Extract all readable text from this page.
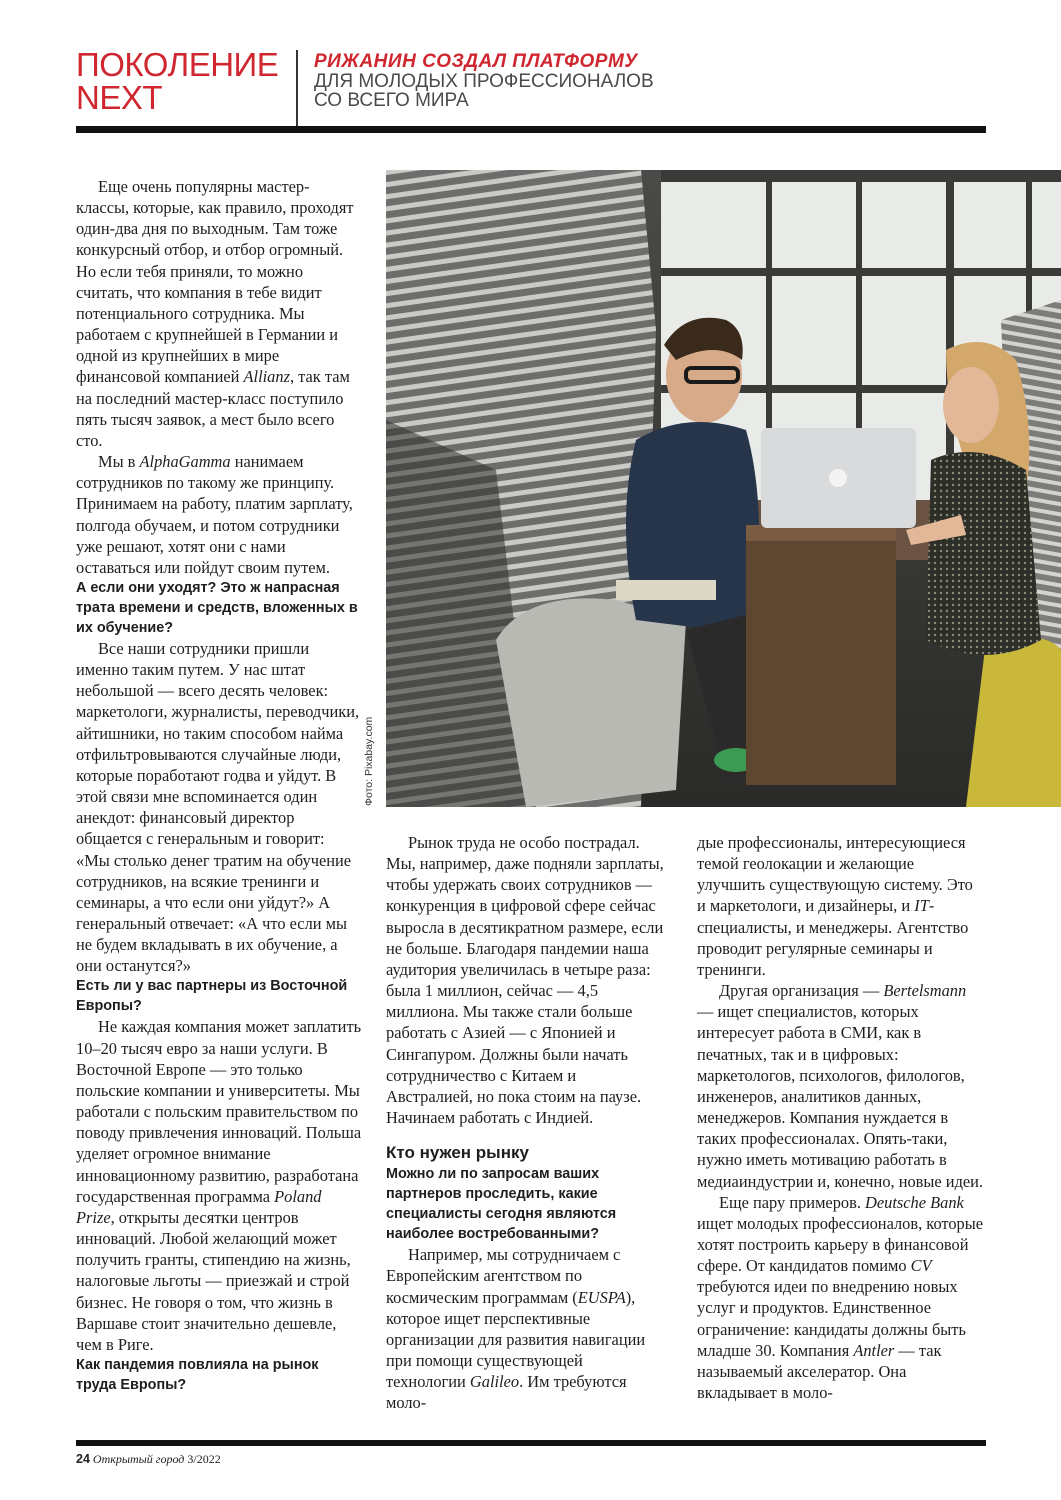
ПОКОЛЕНИЕ
NEXT
РИЖАНИН СОЗДАЛ ПЛАТФОРМУ
ДЛЯ МОЛОДЫХ ПРОФЕССИОНАЛОВ
СО ВСЕГО МИРА

Еще очень популярны мастер-классы, которые, как правило, проходят один-два дня по выходным. Там тоже конкурсный отбор, и отбор огромный. Но если тебя приняли, то можно считать, что компания в тебе видит потенциального сотрудника. Мы работаем с крупнейшей в Германии и одной из крупнейших в мире финансовой компанией Allianz, так там на последний мастер-класс поступило пять тысяч заявок, а мест было всего сто.

Мы в AlphaGamma нанимаем сотрудников по такому же принципу. Принимаем на работу, платим зарплату, полгода обучаем, и потом сотрудники уже решают, хотят они с нами оставаться или пойдут своим путем.

А если они уходят? Это ж напрасная трата времени и средств, вложенных в их обучение?

Все наши сотрудники пришли именно таким путем. У нас штат небольшой — всего десять человек: маркетологи, журналисты, переводчики, айтишники, но таким способом найма отфильтровываются случайные люди, которые поработают годва и уйдут. В этой связи мне вспоминается один анекдот: финансовый директор общается с генеральным и говорит: «Мы столько денег тратим на обучение сотрудников, на всякие тренинги и семинары, а что если они уйдут?» А генеральный отвечает: «А что если мы не будем вкладывать в их обучение, а они останутся?»

Есть ли у вас партнеры из Восточной Европы?

Не каждая компания может заплатить 10–20 тысяч евро за наши услуги. В Восточной Европе — это только польские компании и университеты. Мы работали с польским правительством по поводу привлечения инноваций. Польша уделяет огромное внимание инновационному развитию, разработана государственная программа Poland Prize, открыты десятки центров инноваций. Любой желающий может получить гранты, стипендию на жизнь, налоговые льготы — приезжай и строй бизнес. Не говоря о том, что жизнь в Варшаве стоит значительно дешевле, чем в Риге.

Как пандемия повлияла на рынок труда Европы?
Фото: Pixabay.com

Рынок труда не особо пострадал. Мы, например, даже подняли зарплаты, чтобы удержать своих сотрудников — конкуренция в цифровой сфере сейчас выросла в десятикратном размере, если не больше. Благодаря пандемии наша аудитория увеличилась в четыре раза: была 1 миллион, сейчас — 4,5 миллиона. Мы также стали больше работать с Азией — с Японией и Сингапуром. Должны были начать сотрудничество с Китаем и Австралией, но пока стоим на паузе. Начинаем работать с Индией.

Кто нужен рынку
Можно ли по запросам ваших партнеров проследить, какие специалисты сегодня являются наиболее востребованными?

Например, мы сотрудничаем с Европейским агентством по космическим программам (EUSPA), которое ищет перспективные организации для развития навигации при помощи существующей технологии Galileo. Им требуются моло-

дые профессионалы, интересующиеся темой геолокации и желающие улучшить существующую систему. Это и маркетологи, и дизайнеры, и IT-специалисты, и менеджеры. Агентство проводит регулярные семинары и тренинги.

Другая организация — Bertelsmann — ищет специалистов, которых интересует работа в СМИ, как в печатных, так и в цифровых: маркетологов, психологов, филологов, инженеров, аналитиков данных, менеджеров. Компания нуждается в таких профессионалах. Опять-таки, нужно иметь мотивацию работать в медиаиндустрии и, конечно, новые идеи.

Еще пару примеров. Deutsche Bank ищет молодых профессионалов, которые хотят построить карьеру в финансовой сфере. От кандидатов помимо CV требуются идеи по внедрению новых услуг и продуктов. Единственное ограничение: кандидаты должны быть младше 30. Компания Antler — так называемый акселератор. Она вкладывает в моло-

24 Открытый город 3/2022
